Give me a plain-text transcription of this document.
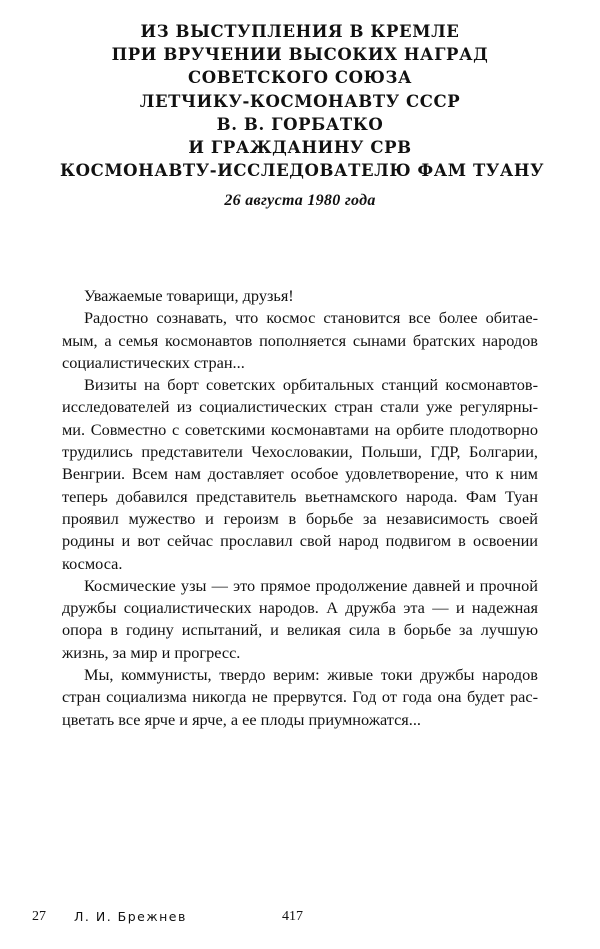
ИЗ ВЫСТУПЛЕНИЯ В КРЕМЛЕ
ПРИ ВРУЧЕНИИ ВЫСОКИХ НАГРАД
СОВЕТСКОГО СОЮЗА
ЛЕТЧИКУ-КОСМОНАВТУ СССР
В. В. ГОРБАТКО
И ГРАЖДАНИНУ СРВ
КОСМОНАВТУ-ИССЛЕДОВАТЕЛЮ ФАМ ТУАНУ
26 августа 1980 года
Уважаемые товарищи, друзья!
Радостно сознавать, что космос становится все более обитае-
мым, а семья космонавтов пополняется сынами братских народов
социалистических стран...
Визиты на борт советских орбитальных станций космонавтов-
исследователей из социалистических стран стали уже регулярны-
ми. Совместно с советскими космонавтами на орбите плодотворно
трудились представители Чехословакии, Польши, ГДР, Болгарии,
Венгрии. Всем нам доставляет особое удовлетворение, что к ним
теперь добавился представитель вьетнамского народа. Фам Туан
проявил мужество и героизм в борьбе за независимость своей
родины и вот сейчас прославил свой народ подвигом в освоении
космоса.
Космические узы — это прямое продолжение давней и прочной
дружбы социалистических народов. А дружба эта — и надежная
опора в годину испытаний, и великая сила в борьбе за лучшую
жизнь, за мир и прогресс.
Мы, коммунисты, твердо верим: живые токи дружбы народов
стран социализма никогда не прервутся. Год от года она будет рас-
цветать все ярче и ярче, а ее плоды приумножатся...
27 Л. И. Брежнев	417
